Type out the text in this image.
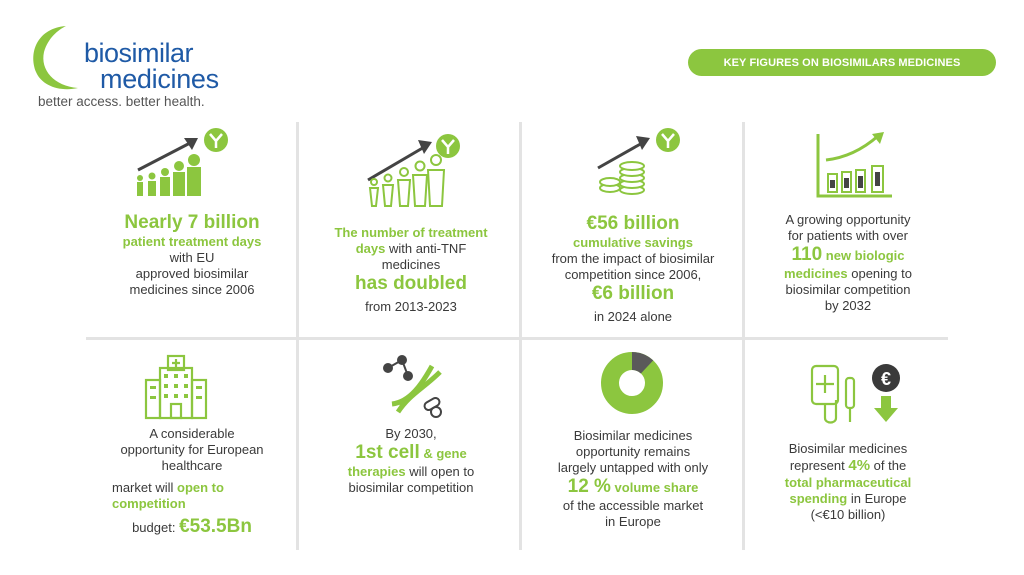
biosimilar
medicines
better access. better health.
KEY FIGURES ON BIOSIMILARS MEDICINES
€
Nearly 7 billion
patient treatment days
with EU
approved biosimilar
medicines since 2006
The number of treatment
days with anti-TNF
medicines
has doubled
from 2013-2023
€56 billion
cumulative savings
from the impact of biosimilar
competition since 2006,
€6 billion
in 2024 alone
A growing opportunity
for patients with over
110 new biologic
medicines opening to
biosimilar competition
by 2032
A considerable
opportunity for European
healthcare
market will open to
competition
budget: €53.5Bn
By 2030,
1st cell & gene
therapies will open to
biosimilar competition
Biosimilar medicines
opportunity remains
largely untapped with only
12 % volume share
of the accessible market
in Europe
Biosimilar medicines
represent 4% of the
total pharmaceutical
spending in Europe
(<€10 billion)
